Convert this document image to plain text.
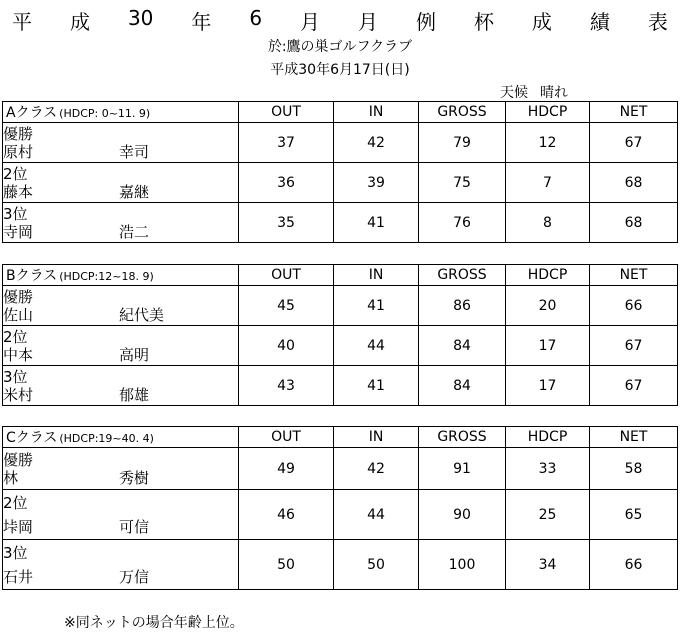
平 成 30 年 6 月 月 例 杯 成 績 表
於:鷹の巣ゴルフクラブ
平成30年6月17日(日)
天候 晴れ
Aクラス (HDCP: 0~11. 9)	OUT	IN	GROSS	HDCP	NET

優勝
原村 幸司	37	42	79	12	67

2位
藤本 嘉継	36	39	75	7	68

3位
寺岡 浩二	35	41	76	8	68
Bクラス (HDCP:12~18. 9)	OUT	IN	GROSS	HDCP	NET

優勝
佐山 紀代美	45	41	86	20	66

2位
中本 高明	40	44	84	17	67

3位
米村 郁雄	43	41	84	17	67
Cクラス (HDCP:19~40. 4)	OUT	IN	GROSS	HDCP	NET

優勝
林 秀樹	49	42	91	33	58

2位
垰岡 可信	46	44	90	25	65

3位
石井 万信	50	50	100	34	66
※同ネットの場合年齢上位。
